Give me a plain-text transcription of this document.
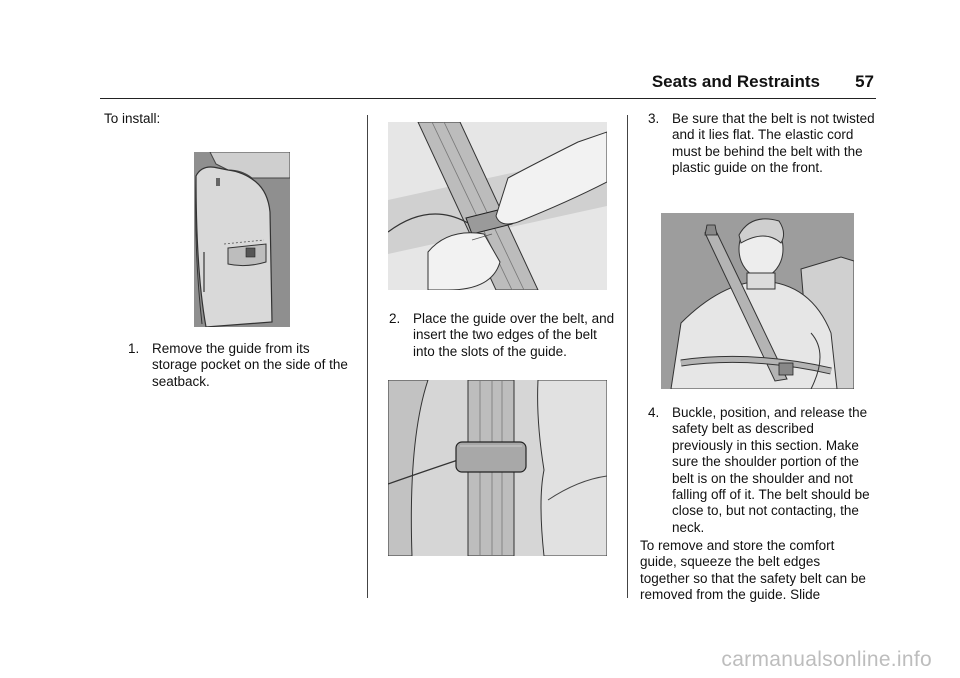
Seats and Restraints 57
To install:
1. Remove the guide from its storage pocket on the side of the seatback.
2. Place the guide over the belt, and insert the two edges of the belt into the slots of the guide.
3. Be sure that the belt is not twisted and it lies flat. The elastic cord must be behind the belt with the plastic guide on the front.
4. Buckle, position, and release the safety belt as described previously in this section. Make sure the shoulder portion of the belt is on the shoulder and not falling off of it. The belt should be close to, but not contacting, the neck.
To remove and store the comfort guide, squeeze the belt edges together so that the safety belt can be removed from the guide. Slide
carmanualsonline.info
